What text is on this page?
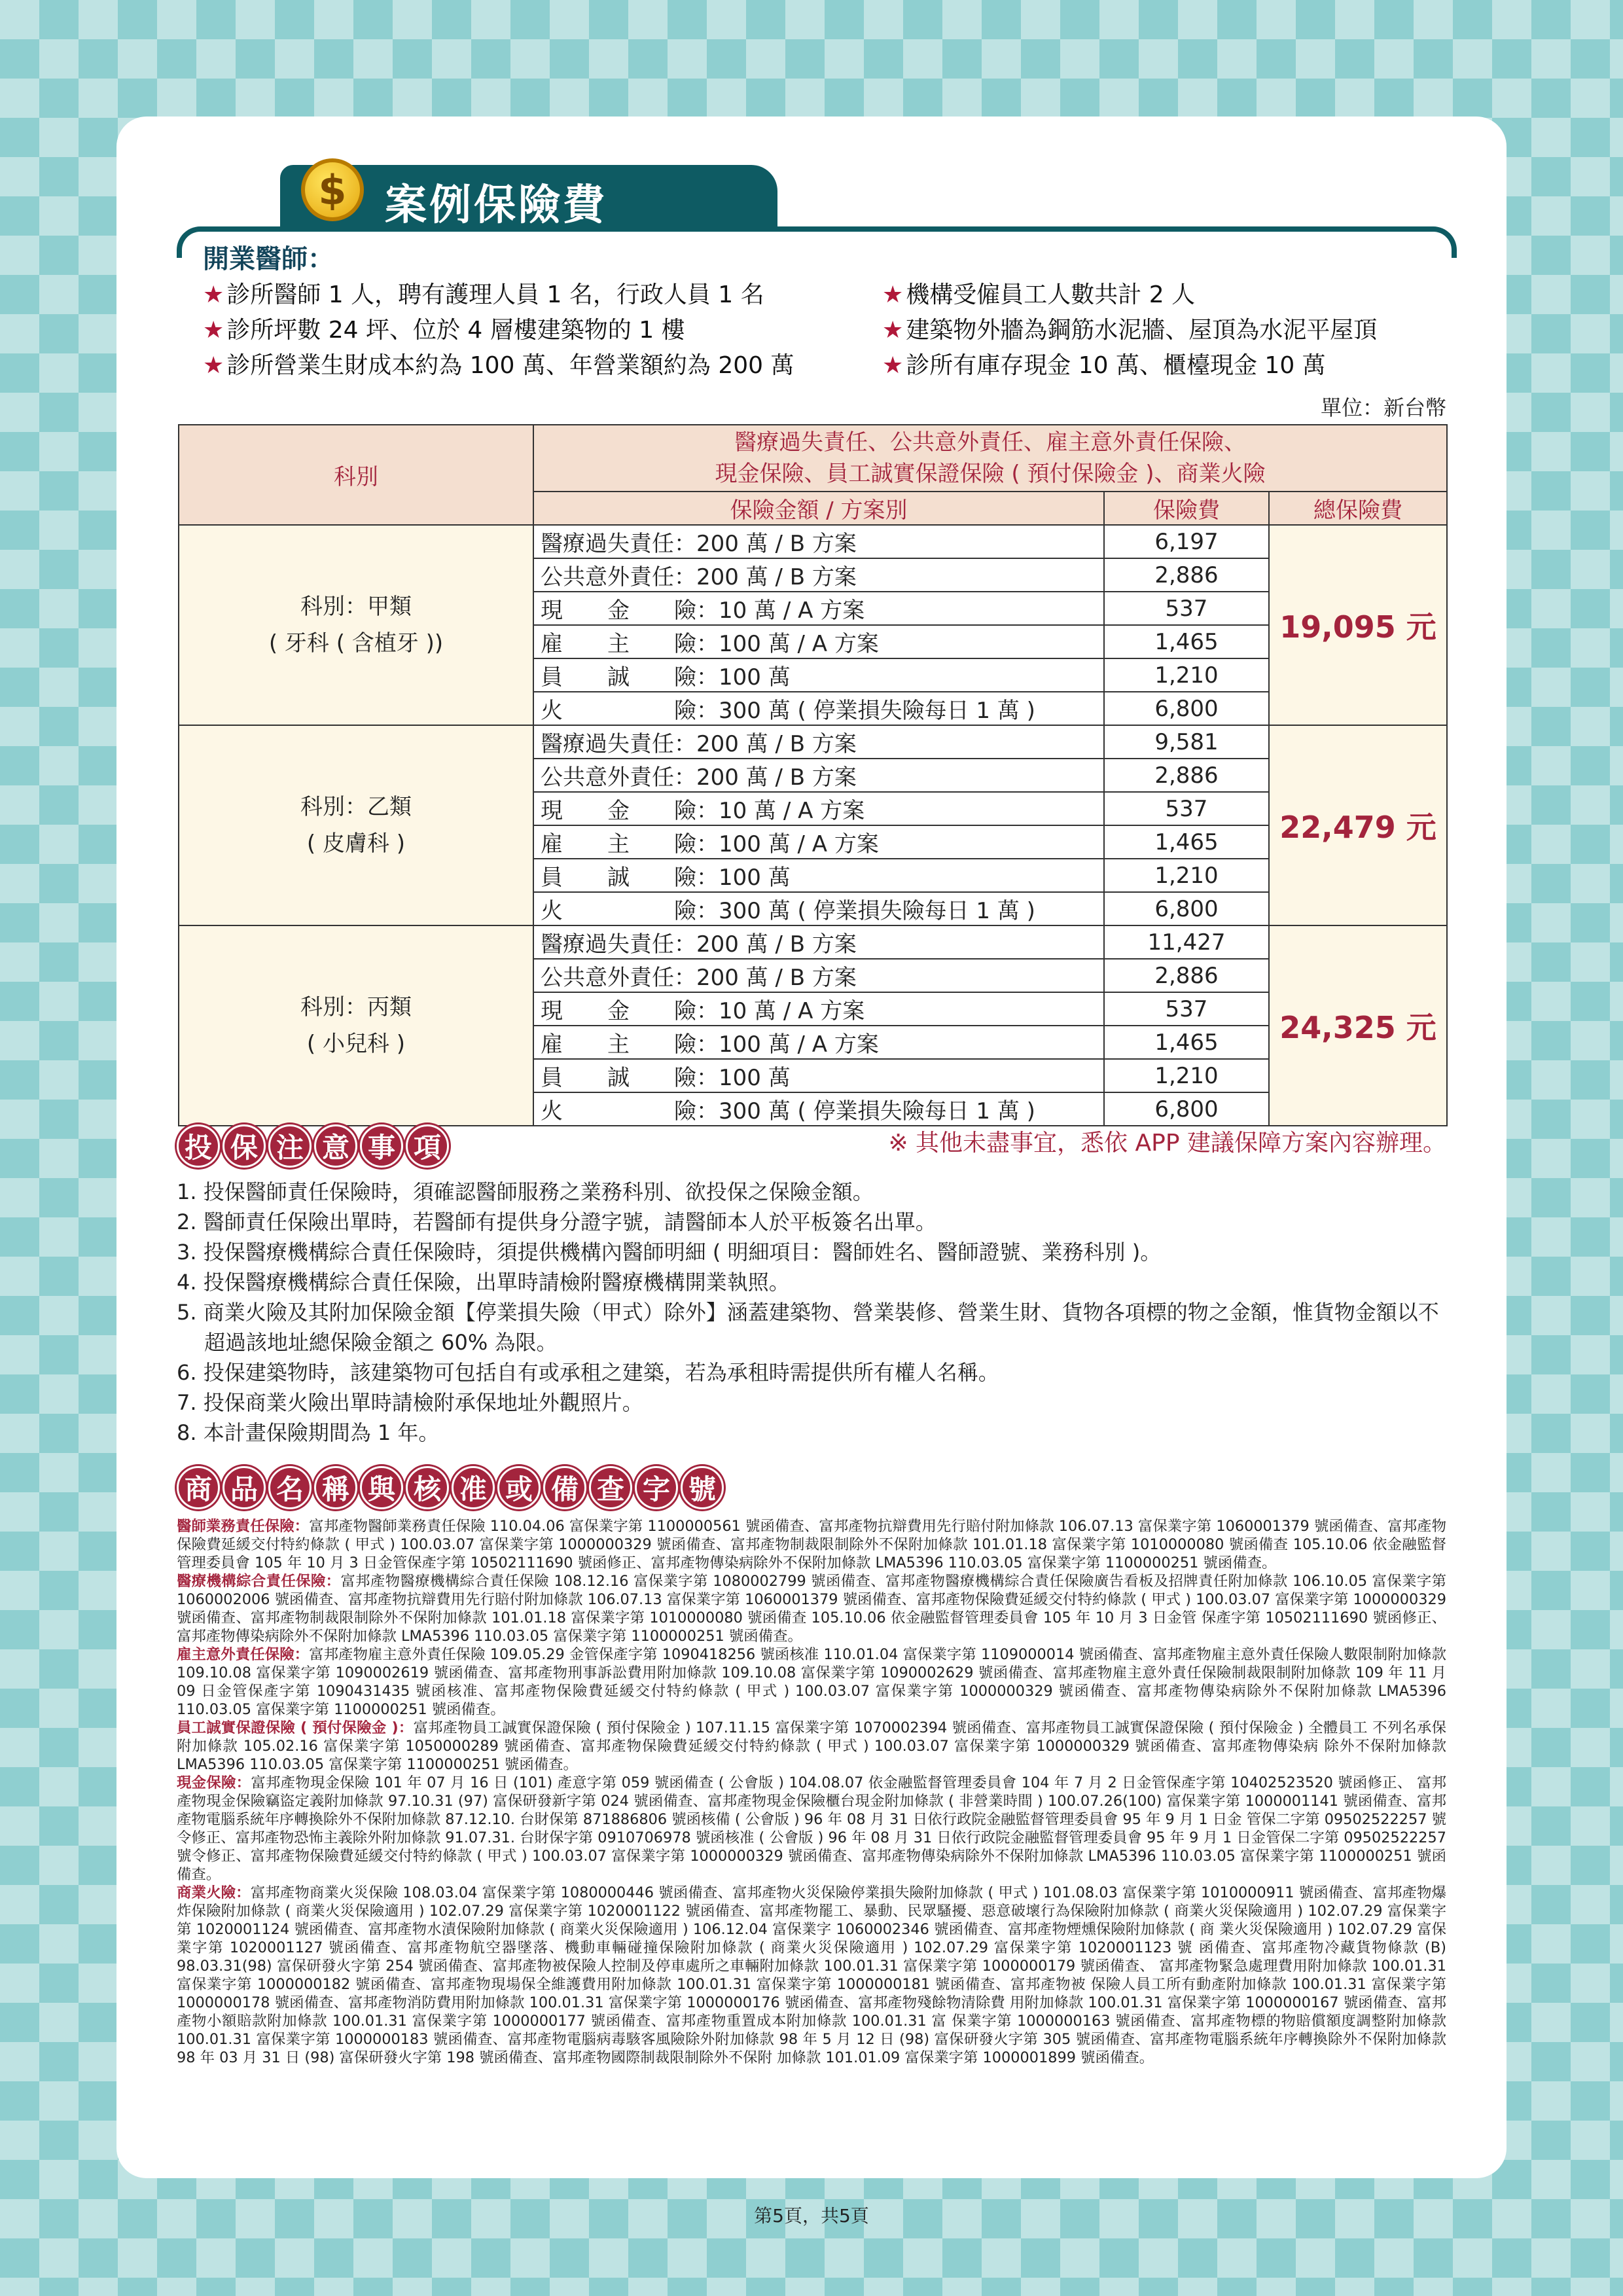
$ 案例保險費
開業醫師：
★ 診所醫師 1 人，聘有護理人員 1 名，行政人員 1 名
★ 診所坪數 24 坪、位於 4 層樓建築物的 1 樓
★ 診所營業生財成本約為 100 萬、年營業額約為 200 萬
★ 機構受僱員工人數共計 2 人
★ 建築物外牆為鋼筋水泥牆、屋頂為水泥平屋頂
★ 診所有庫存現金 10 萬、櫃檯現金 10 萬
單位：新台幣
科別	醫療過失責任、公共意外責任、雇主意外責任保險、
現金保險、員工誠實保證保險 ( 預付保險金 )、商業火險		
	保險金額 / 方案別	保險費	總保險費
科別：甲類
( 牙科 ( 含植牙 ))	醫療過失責任：200 萬 / B 方案	6,197	19,095 元
	公共意外責任：200 萬 / B 方案	2,886	
	現　　金　　險：10 萬 / A 方案	537	
	雇　　主　　險：100 萬 / A 方案	1,465	
	員　　誠　　險：100 萬	1,210	
	火　　　　　險：300 萬 ( 停業損失險每日 1 萬 )	6,800	
科別：乙類
( 皮膚科 )	醫療過失責任：200 萬 / B 方案	9,581	22,479 元
	公共意外責任：200 萬 / B 方案	2,886	
	現　　金　　險：10 萬 / A 方案	537	
	雇　　主　　險：100 萬 / A 方案	1,465	
	員　　誠　　險：100 萬	1,210	
	火　　　　　險：300 萬 ( 停業損失險每日 1 萬 )	6,800	
科別：丙類
( 小兒科 )	醫療過失責任：200 萬 / B 方案	11,427	24,325 元
	公共意外責任：200 萬 / B 方案	2,886	
	現　　金　　險：10 萬 / A 方案	537	
	雇　　主　　險：100 萬 / A 方案	1,465	
	員　　誠　　險：100 萬	1,210	
	火　　　　　險：300 萬 ( 停業損失險每日 1 萬 )	6,800	
※ 其他未盡事宜，悉依 APP 建議保障方案內容辦理。
投 保 注 意 事 項
1. 投保醫師責任保險時，須確認醫師服務之業務科別、欲投保之保險金額。
2. 醫師責任保險出單時，若醫師有提供身分證字號，請醫師本人於平板簽名出單。
3. 投保醫療機構綜合責任保險時，須提供機構內醫師明細 ( 明細項目：醫師姓名、醫師證號、業務科別 )。
4. 投保醫療機構綜合責任保險，出單時請檢附醫療機構開業執照。
5. 商業火險及其附加保險金額【停業損失險（甲式）除外】涵蓋建築物、營業裝修、營業生財、貨物各項標的物之金額，惟貨物金額以不超過該地址總保險金額之 60% 為限。
6. 投保建築物時，該建築物可包括自有或承租之建築，若為承租時需提供所有權人名稱。
7. 投保商業火險出單時請檢附承保地址外觀照片。
8. 本計畫保險期間為 1 年。
商 品 名 稱 與 核 准 或 備 查 字 號

醫師業務責任保險：富邦產物醫師業務責任保險 110.04.06 富保業字第 1100000561 號函備查、富邦產物抗辯費用先行賠付附加條款 106.07.13 富保業字第 1060001379 號函備查、富邦產物保險費延緩交付特約條款 ( 甲式 ) 100.03.07 富保業字第 1000000329 號函備查、富邦產物制裁限制除外不保附加條款 101.01.18 富保業字第 1010000080 號函備查 105.10.06 依金融監督管理委員會 105 年 10 月 3 日金管保產字第 10502111690 號函修正、富邦產物傳染病除外不保附加條款 LMA5396 110.03.05 富保業字第 1100000251 號函備查。

醫療機構綜合責任保險：富邦產物醫療機構綜合責任保險 108.12.16 富保業字第 1080002799 號函備查、富邦產物醫療機構綜合責任保險廣告看板及招牌責任附加條款 106.10.05 富保業字第 1060002006 號函備查、富邦產物抗辯費用先行賠付附加條款 106.07.13 富保業字第 1060001379 號函備查、富邦產物保險費延緩交付特約條款 ( 甲式 ) 100.03.07 富保業字第 1000000329 號函備查、富邦產物制裁限制除外不保附加條款 101.01.18 富保業字第 1010000080 號函備查 105.10.06 依金融監督管理委員會 105 年 10 月 3 日金管 保產字第 10502111690 號函修正、富邦產物傳染病除外不保附加條款 LMA5396 110.03.05 富保業字第 1100000251 號函備查。

雇主意外責任保險：富邦產物雇主意外責任保險 109.05.29 金管保產字第 1090418256 號函核准 110.01.04 富保業字第 1109000014 號函備查、富邦產物雇主意外責任保險人數限制附加條款 109.10.08 富保業字第 1090002619 號函備查、富邦產物刑事訴訟費用附加條款 109.10.08 富保業字第 1090002629 號函備查、富邦產物雇主意外責任保險制裁限制附加條款 109 年 11 月 09 日金管保產字第 1090431435 號函核准、富邦產物保險費延緩交付特約條款 ( 甲式 ) 100.03.07 富保業字第 1000000329 號函備查、富邦產物傳染病除外不保附加條款 LMA5396 110.03.05 富保業字第 1100000251 號函備查。

員工誠實保證保險 ( 預付保險金 )：富邦產物員工誠實保證保險 ( 預付保險金 ) 107.11.15 富保業字第 1070002394 號函備查、富邦產物員工誠實保證保險 ( 預付保險金 ) 全體員工 不列名承保附加條款 105.02.16 富保業字第 1050000289 號函備查、富邦產物保險費延緩交付特約條款 ( 甲式 ) 100.03.07 富保業字第 1000000329 號函備查、富邦產物傳染病 除外不保附加條款 LMA5396 110.03.05 富保業字第 1100000251 號函備查。

現金保險：富邦產物現金保險 101 年 07 月 16 日 (101) 產意字第 059 號函備查 ( 公會版 ) 104.08.07 依金融監督管理委員會 104 年 7 月 2 日金管保產字第 10402523520 號函修正、 富邦產物現金保險竊盜定義附加條款 97.10.31 (97) 富保研發新字第 024 號函備查、富邦產物現金保險櫃台現金附加條款 ( 非營業時間 ) 100.07.26(100) 富保業字第 1000001141 號函備查、富邦產物電腦系統年序轉換除外不保附加條款 87.12.10. 台財保第 871886806 號函核備 ( 公會版 ) 96 年 08 月 31 日依行政院金融監督管理委員會 95 年 9 月 1 日金 管保二字第 09502522257 號令修正、富邦產物恐怖主義除外附加條款 91.07.31. 台財保字第 0910706978 號函核准 ( 公會版 ) 96 年 08 月 31 日依行政院金融監督管理委員會 95 年 9 月 1 日金管保二字第 09502522257 號令修正、富邦產物保險費延緩交付特約條款 ( 甲式 ) 100.03.07 富保業字第 1000000329 號函備查、富邦產物傳染病除外不保附加條款 LMA5396 110.03.05 富保業字第 1100000251 號函備查。

商業火險：富邦產物商業火災保險 108.03.04 富保業字第 1080000446 號函備查、富邦產物火災保險停業損失險附加條款 ( 甲式 ) 101.08.03 富保業字第 1010000911 號函備查、富邦產物爆炸保險附加條款 ( 商業火災保險適用 ) 102.07.29 富保業字第 1020001122 號函備查、富邦產物罷工、暴動、民眾騷擾、惡意破壞行為保險附加條款 ( 商業火災保險適用 ) 102.07.29 富保業字第 1020001124 號函備查、富邦產物水漬保險附加條款 ( 商業火災保險適用 ) 106.12.04 富保業字 1060002346 號函備查、富邦產物煙燻保險附加條款 ( 商 業火災保險適用 ) 102.07.29 富保業字第 1020001127 號函備查、富邦產物航空器墜落、機動車輛碰撞保險附加條款 ( 商業火災保險適用 ) 102.07.29 富保業字第 1020001123 號 函備查、富邦產物冷藏貨物條款 (B) 98.03.31(98) 富保研發火字第 254 號函備查、富邦產物被保險人控制及停車處所之車輛附加條款 100.01.31 富保業字第 1000000179 號函備查、 富邦產物緊急處理費用附加條款 100.01.31 富保業字第 1000000182 號函備查、富邦產物現場保全維護費用附加條款 100.01.31 富保業字第 1000000181 號函備查、富邦產物被 保險人員工所有動產附加條款 100.01.31 富保業字第 1000000178 號函備查、富邦產物消防費用附加條款 100.01.31 富保業字第 1000000176 號函備查、富邦產物殘餘物清除費 用附加條款 100.01.31 富保業字第 1000000167 號函備查、富邦產物小額賠款附加條款 100.01.31 富保業字第 1000000177 號函備查、富邦產物重置成本附加條款 100.01.31 富 保業字第 1000000163 號函備查、富邦產物標的物賠償額度調整附加條款 100.01.31 富保業字第 1000000183 號函備查、富邦產物電腦病毒駭客風險除外附加條款 98 年 5 月 12 日 (98) 富保研發火字第 305 號函備查、富邦產物電腦系統年序轉換除外不保附加條款 98 年 03 月 31 日 (98) 富保研發火字第 198 號函備查、富邦產物國際制裁限制除外不保附 加條款 101.01.09 富保業字第 1000001899 號函備查。

第5頁，共5頁
